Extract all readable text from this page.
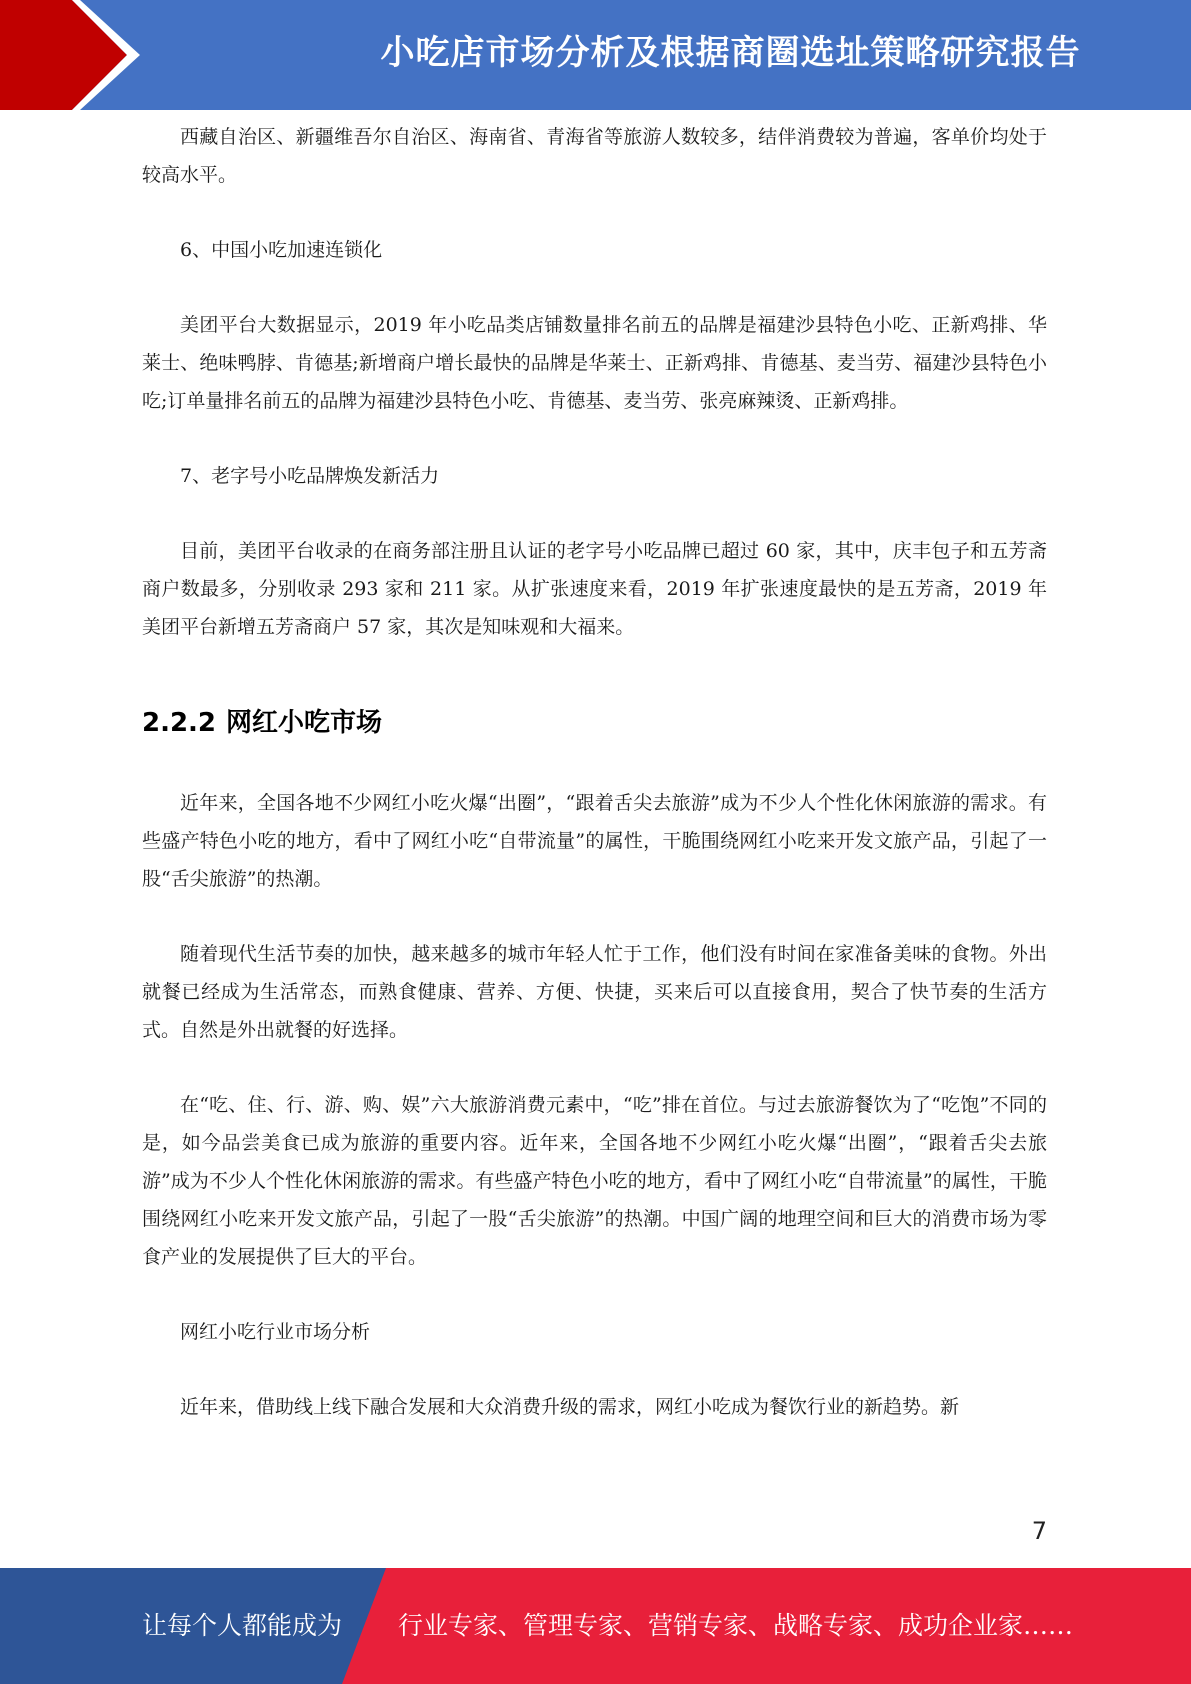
小吃店市场分析及根据商圈选址策略研究报告

西藏自治区、新疆维吾尔自治区、海南省、青海省等旅游人数较多，结伴消费较为普遍，客单价均处于较高水平。

6、中国小吃加速连锁化

美团平台大数据显示，2019 年小吃品类店铺数量排名前五的品牌是福建沙县特色小吃、正新鸡排、华莱士、绝味鸭脖、肯德基;新增商户增长最快的品牌是华莱士、正新鸡排、肯德基、麦当劳、福建沙县特色小吃;订单量排名前五的品牌为福建沙县特色小吃、肯德基、麦当劳、张亮麻辣烫、正新鸡排。

7、老字号小吃品牌焕发新活力

目前，美团平台收录的在商务部注册且认证的老字号小吃品牌已超过 60 家，其中，庆丰包子和五芳斋商户数最多，分别收录 293 家和 211 家。从扩张速度来看，2019 年扩张速度最快的是五芳斋，2019 年美团平台新增五芳斋商户 57 家，其次是知味观和大福来。

2.2.2 网红小吃市场

近年来，全国各地不少网红小吃火爆“出圈”，“跟着舌尖去旅游”成为不少人个性化休闲旅游的需求。有些盛产特色小吃的地方，看中了网红小吃“自带流量”的属性，干脆围绕网红小吃来开发文旅产品，引起了一股“舌尖旅游”的热潮。

随着现代生活节奏的加快，越来越多的城市年轻人忙于工作，他们没有时间在家准备美味的食物。外出就餐已经成为生活常态，而熟食健康、营养、方便、快捷，买来后可以直接食用，契合了快节奏的生活方式。自然是外出就餐的好选择。

在“吃、住、行、游、购、娱”六大旅游消费元素中，“吃”排在首位。与过去旅游餐饮为了“吃饱”不同的是，如今品尝美食已成为旅游的重要内容。近年来，全国各地不少网红小吃火爆“出圈”，“跟着舌尖去旅游”成为不少人个性化休闲旅游的需求。有些盛产特色小吃的地方，看中了网红小吃“自带流量”的属性，干脆围绕网红小吃来开发文旅产品，引起了一股“舌尖旅游”的热潮。中国广阔的地理空间和巨大的消费市场为零食产业的发展提供了巨大的平台。

网红小吃行业市场分析

近年来，借助线上线下融合发展和大众消费升级的需求，网红小吃成为餐饮行业的新趋势。新

7
让每个人都能成为 行业专家、管理专家、营销专家、战略专家、成功企业家……
